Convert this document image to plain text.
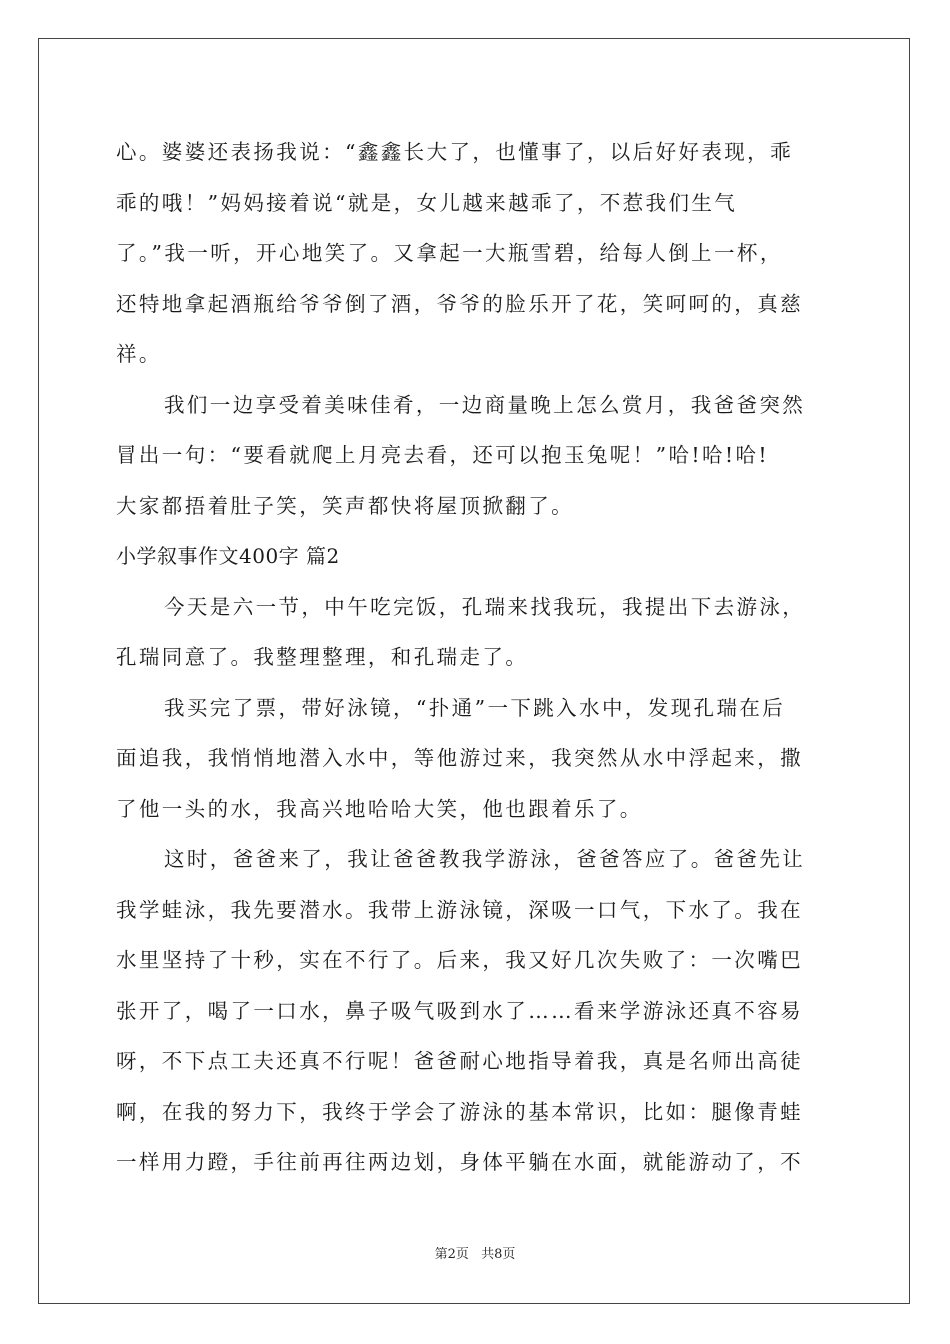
心。婆婆还表扬我说：“鑫鑫长大了，也懂事了，以后好好表现，乖
乖的哦！”妈妈接着说“就是，女儿越来越乖了，不惹我们生气
了。”我一听，开心地笑了。又拿起一大瓶雪碧，给每人倒上一杯，
还特地拿起酒瓶给爷爷倒了酒，爷爷的脸乐开了花，笑呵呵的，真慈
祥。
我们一边享受着美味佳肴，一边商量晚上怎么赏月，我爸爸突然
冒出一句：“要看就爬上月亮去看，还可以抱玉兔呢！”哈!哈!哈!
大家都捂着肚子笑，笑声都快将屋顶掀翻了。
小学叙事作文400字 篇2
今天是六一节，中午吃完饭，孔瑞来找我玩，我提出下去游泳，
孔瑞同意了。我整理整理，和孔瑞走了。
我买完了票，带好泳镜，“扑通”一下跳入水中，发现孔瑞在后
面追我，我悄悄地潜入水中，等他游过来，我突然从水中浮起来，撒
了他一头的水，我高兴地哈哈大笑，他也跟着乐了。
这时，爸爸来了，我让爸爸教我学游泳，爸爸答应了。爸爸先让
我学蛙泳，我先要潜水。我带上游泳镜，深吸一口气，下水了。我在
水里坚持了十秒，实在不行了。后来，我又好几次失败了：一次嘴巴
张开了，喝了一口水，鼻子吸气吸到水了……看来学游泳还真不容易
呀，不下点工夫还真不行呢！爸爸耐心地指导着我，真是名师出高徒
啊，在我的努力下，我终于学会了游泳的基本常识，比如：腿像青蛙
一样用力蹬，手往前再往两边划，身体平躺在水面，就能游动了，不
第2页 共8页
